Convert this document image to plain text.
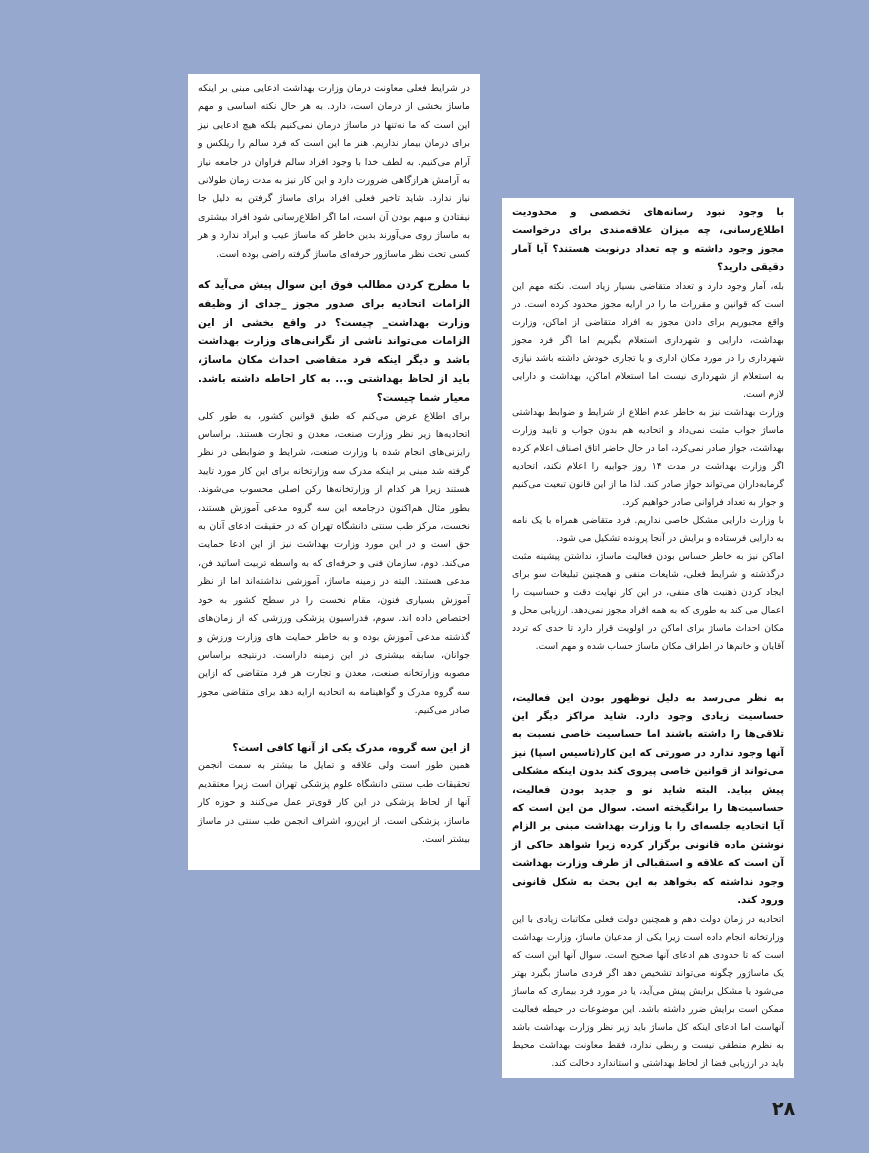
در شرایط فعلی معاونت درمان وزارت بهداشت ادعایی مبنی بر اینکه ماساژ بخشی از درمان است، دارد. به هر حال نکته اساسی و مهم این است که ما نه‌تنها در ماساژ درمان نمی‌کنیم بلکه هیچ ادعایی نیز برای درمان بیمار نداریم. هنر ما این است که فرد سالم را ریلکس و آرام می‌کنیم. به لطف خدا با وجود افراد سالم فراوان در جامعه نیاز به آرامش هرازگاهی ضرورت دارد و این کار نیز به مدت زمان طولانی نیاز ندارد. شاید تاخیر فعلی افراد برای ماساژ گرفتن به دلیل جا نیفتادن و مبهم بودن آن است، اما اگر اطلاع‌رسانی شود افراد بیشتری به ماساژ روی می‌آورند بدین خاطر که ماساژ عیب و ایراد ندارد و هر کسی تحت نظر ماساژور حرفه‌ای ماساژ گرفته راضی بوده است.

با مطرح کردن مطالب فوق این سوال پیش می‌آید که الزامات اتحادیه برای صدور مجوز _جدای از وظیفه وزارت بهداشت_ چیست؟ در واقع بخشی از این الزامات می‌تواند ناشی از نگرانی‌های وزارت بهداشت باشد و دیگر اینکه فرد متقاضی احداث مکان ماساژ، باید از لحاظ بهداشتی و... به کار احاطه داشته باشد. معیار شما چیست؟

برای اطلاع عرض می‌کنم که طبق قوانین کشور، به طور کلی اتحادیه‌ها زیر نظر وزارت صنعت، معدن و تجارت هستند. براساس رایزنی‌های انجام شده با وزارت صنعت، شرایط و ضوابطی در نظر گرفته شد مبنی بر اینکه مدرک سه وزارتخانه برای این کار مورد تایید هستند زیرا هر کدام از وزارتخانه‌ها رکن اصلی محسوب می‌شوند. بطور مثال هم‌اکنون درجامعه این سه گروه مدعی آموزش هستند، نخست، مرکز طب سنتی دانشگاه تهران که در حقیقت ادعای آنان به حق است و در این مورد وزارت بهداشت نیز از این ادعا حمایت می‌کند. دوم، سازمان فنی و حرفه‌ای که به واسطه تربیت اساتید فن، مدعی هستند. البته در زمینه ماساژ، آموزشی نداشته‌اند اما از نظر آموزش بسیاری فنون، مقام نخست را در سطح کشور به خود اختصاص داده اند. سوم، فدراسیون پزشکی ورزشی که از زمان‌های گذشته مدعی آموزش بوده و به خاطر حمایت های وزارت ورزش و جوانان، سابقه بیشتری در این زمینه داراست. درنتیجه براساس مصوبه وزارتخانه صنعت، معدن و تجارت هر فرد متقاضی که ازاین سه گروه مدرک و گواهینامه به اتحادیه ارایه دهد برای متقاضی مجوز صادر می‌کنیم.

از این سه گروه، مدرک یکی از آنها کافی است؟

همین طور است ولی علاقه و تمایل ما بیشتر به سمت انجمن تحقیقات طب سنتی دانشگاه علوم پزشکی تهران است زیرا معتقدیم آنها از لحاظ پزشکی در این کار قوی‌تر عمل می‌کنند و حوزه کار ماساژ، پزشکی است. از این‌رو، اشراف انجمن طب سنتی در ماساژ بیشتر است.

با وجود نبود رسانه‌های تخصصی و محدودیت اطلاع‌رسانی، چه میزان علاقه‌مندی برای درخواست مجوز وجود داشته و چه تعداد درنوبت هستند؟ آیا آمار دقیقی دارید؟

بله، آمار وجود دارد و تعداد متقاضی بسیار زیاد است. نکته مهم این است که قوانین و مقررات ما را در ارایه مجوز محدود کرده است. در واقع مجبوریم برای دادن مجوز به افراد متقاضی از اماکن، وزارت بهداشت، دارایی و شهرداری استعلام بگیریم اما اگر فرد مجوز شهرداری را در مورد مکان اداری و یا تجاری خودش داشته باشد نیازی به استعلام از شهرداری نیست اما استعلام اماکن، بهداشت و دارایی لازم است.

وزارت بهداشت نیز به خاطر عدم اطلاع از شرایط و ضوابط بهداشتی ماساژ جواب مثبت نمی‌داد و اتحادیه هم بدون جواب و تایید وزارت بهداشت، جواز صادر نمی‌کرد، اما در حال حاضر اتاق اصناف اعلام کرده اگر وزارت بهداشت در مدت ۱۴ روز جوابیه را اعلام نکند، اتحادیه گرمابه‌داران می‌تواند جواز صادر کند. لذا ما از این قانون تبعیت می‌کنیم و جواز به تعداد فراوانی صادر خواهیم کرد.

با وزارت دارایی مشکل خاصی نداریم. فرد متقاضی همراه با یک نامه به دارایی فرستاده و برایش در آنجا پرونده تشکیل می شود.

اماکن نیز به خاطر حساس بودن فعالیت ماساژ، نداشتن پیشینه مثبت درگذشته و شرایط فعلی، شایعات منفی و همچنین تبلیغات سو برای ایجاد کردن ذهنیت های منفی، در این کار نهایت دقت و حساسیت را اعمال می کند به طوری که به همه افراد مجوز نمی‌دهد. ارزیابی محل و مکان احداث ماساژ برای اماکن در اولویت قرار دارد تا حدی که تردد آقایان و خانم‌ها در اطراف مکان ماساژ حساب شده و مهم است.

به نظر می‌رسد به دلیل نوظهور بودن این فعالیت، حساسیت زیادی وجود دارد. شاید مراکز دیگر این تلاقی‌ها را داشته باشند اما حساسیت خاصی نسبت به آنها وجود ندارد در صورتی که این کار(تاسیس اسپا) نیز می‌تواند از قوانین خاصی پیروی کند بدون اینکه مشکلی پیش بیاید. البته شاید نو و جدید بودن فعالیت، حساسیت‌ها را برانگیخته است. سوال من این است که آیا اتحادیه جلسه‌ای را با وزارت بهداشت مبنی بر الزام نوشتن ماده قانونی برگزار کرده زیرا شواهد حاکی از آن است که علاقه و استقبالی از طرف وزارت بهداشت وجود نداشته که بخواهد به این بحث به شکل قانونی ورود کند.

اتحادیه در زمان دولت دهم و همچنین دولت فعلی مکاتبات زیادی با این وزارتخانه انجام داده است زیرا یکی از مدعیان ماساژ، وزارت بهداشت است که تا حدودی هم ادعای آنها صحیح است. سوال آنها این است که یک ماساژور چگونه می‌تواند تشخیص دهد اگر فردی ماساژ بگیرد بهتر می‌شود یا مشکل برایش پیش می‌آید، یا در مورد فرد بیماری که ماساژ ممکن است برایش ضرر داشته باشد. این موضوعات در حیطه فعالیت آنهاست اما ادعای اینکه کل ماساژ باید زیر نظر وزارت بهداشت باشد به نظرم منطقی نیست و ربطی ندارد، فقط معاونت بهداشت محیط باید در ارزیابی فضا از لحاظ بهداشتی و استاندارد دخالت کند.

۲۸
